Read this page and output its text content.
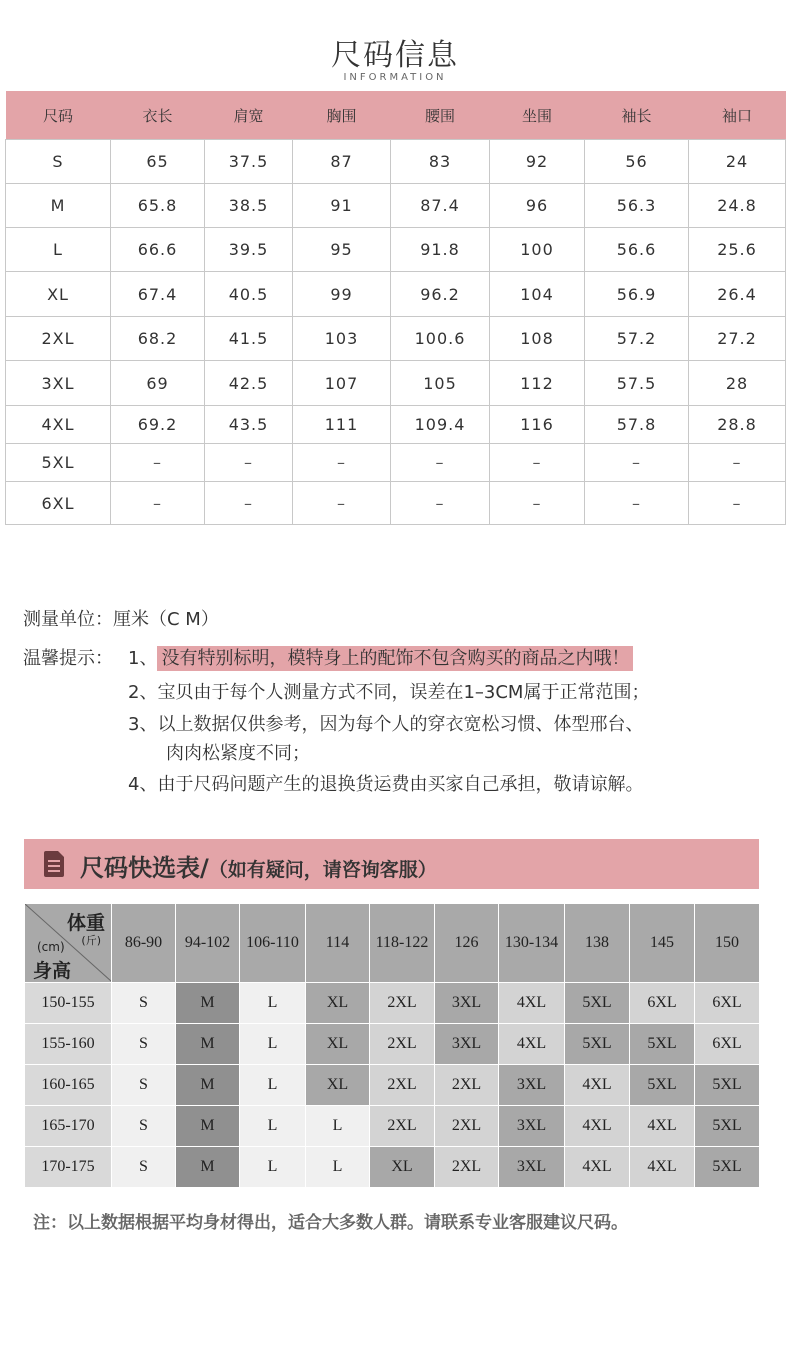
尺码信息
INFORMATION
尺码	衣长	肩宽	胸围	腰围	坐围	袖长	袖口
S	65	37.5	87	83	92	56	24
M	65.8	38.5	91	87.4	96	56.3	24.8
L	66.6	39.5	95	91.8	100	56.6	25.6
XL	67.4	40.5	99	96.2	104	56.9	26.4
2XL	68.2	41.5	103	100.6	108	57.2	27.2
3XL	69	42.5	107	105	112	57.5	28
4XL	69.2	43.5	111	109.4	116	57.8	28.8
5XL	–	–	–	–	–	–	–
6XL	–	–	–	–	–	–	–
测量单位：厘米（C M）
温馨提示： 1、 没有特别标明，模特身上的配饰不包含购买的商品之内哦！
2、宝贝由于每个人测量方式不同，误差在1–3CM属于正常范围；
3、以上数据仅供参考，因为每个人的穿衣宽松习惯、体型邢台、
肉肉松紧度不同；
4、由于尺码问题产生的退换货运费由买家自己承担，敬请谅解。
尺码快选表/（如有疑问，请咨询客服）
体重
(斤)
(cm)
身高	86-90	94-102	106-110	114	118-122	126	130-134	138	145	150
150-155	S	M	L	XL	2XL	3XL	4XL	5XL	6XL	6XL
155-160	S	M	L	XL	2XL	3XL	4XL	5XL	5XL	6XL
160-165	S	M	L	XL	2XL	2XL	3XL	4XL	5XL	5XL
165-170	S	M	L	L	2XL	2XL	3XL	4XL	4XL	5XL
170-175	S	M	L	L	XL	2XL	3XL	4XL	4XL	5XL
注：以上数据根据平均身材得出，适合大多数人群。请联系专业客服建议尺码。
